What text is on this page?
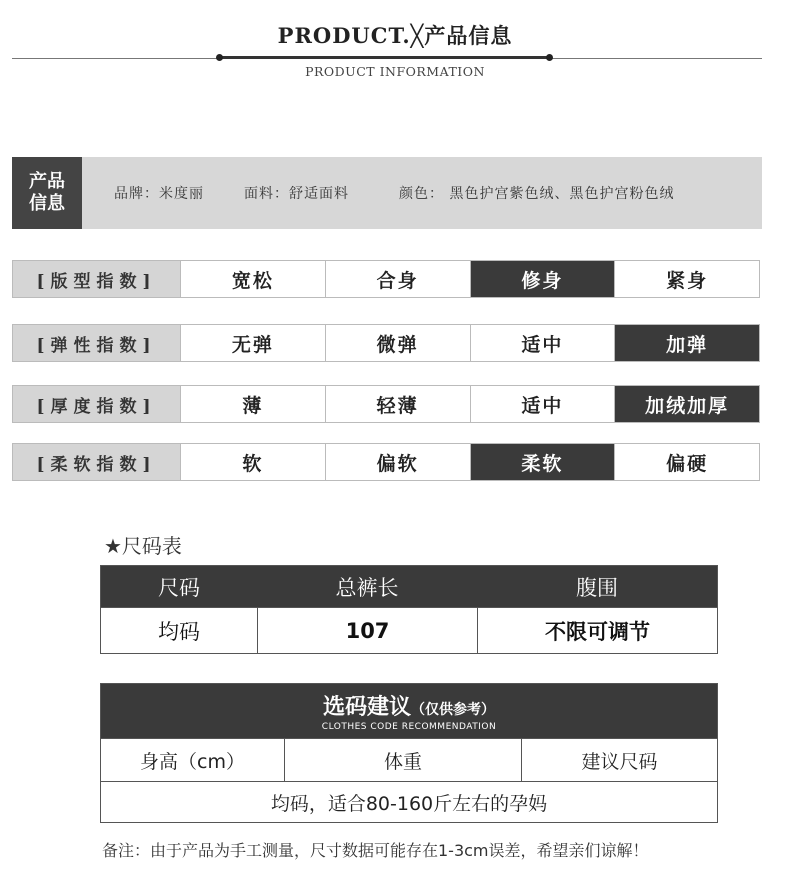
PRODUCT.╳产品信息
PRODUCT INFORMATION
产品
信息	品牌：米度丽	面料：舒适面料	颜色： 黑色护宫紫色绒、黑色护宫粉色绒
[版型指数]	宽松	合身	修身	紧身
[弹性指数]	无弹	微弹	适中	加弹
[厚度指数]	薄	轻薄	适中	加绒加厚
[柔软指数]	软	偏软	柔软	偏硬
★尺码表
尺码	总裤长	腹围
均码	107	不限可调节
选码建议（仅供参考）
CLOTHES CODE RECOMMENDATION
身高（cm）	体重	建议尺码
均码，适合80-160斤左右的孕妈
备注：由于产品为手工测量，尺寸数据可能存在1-3cm误差，希望亲们谅解！
